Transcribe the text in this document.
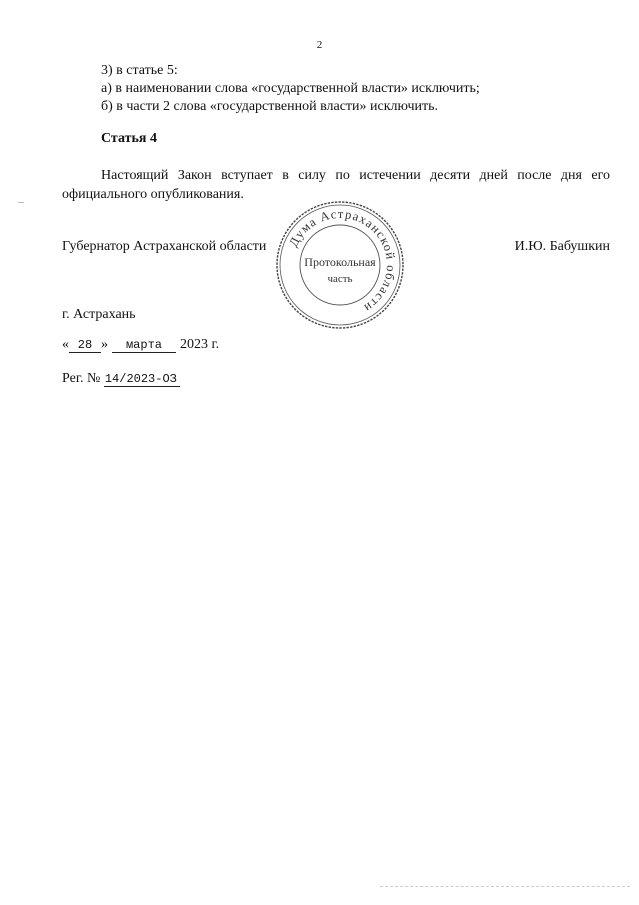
2

3) в статье 5:

а) в наименовании слова «государственной власти» исключить;

б) в части 2 слова «государственной власти» исключить.

Статья 4

Настоящий Закон вступает в силу по истечении десяти дней после дня его официального опубликования.

Губернатор Астраханской области	И.Ю. Бабушкин
Дума Астраханской области
Протокольная
часть

г. Астрахань

« 28 » марта 2023 г.

Рег. № 14/2023-ОЗ
